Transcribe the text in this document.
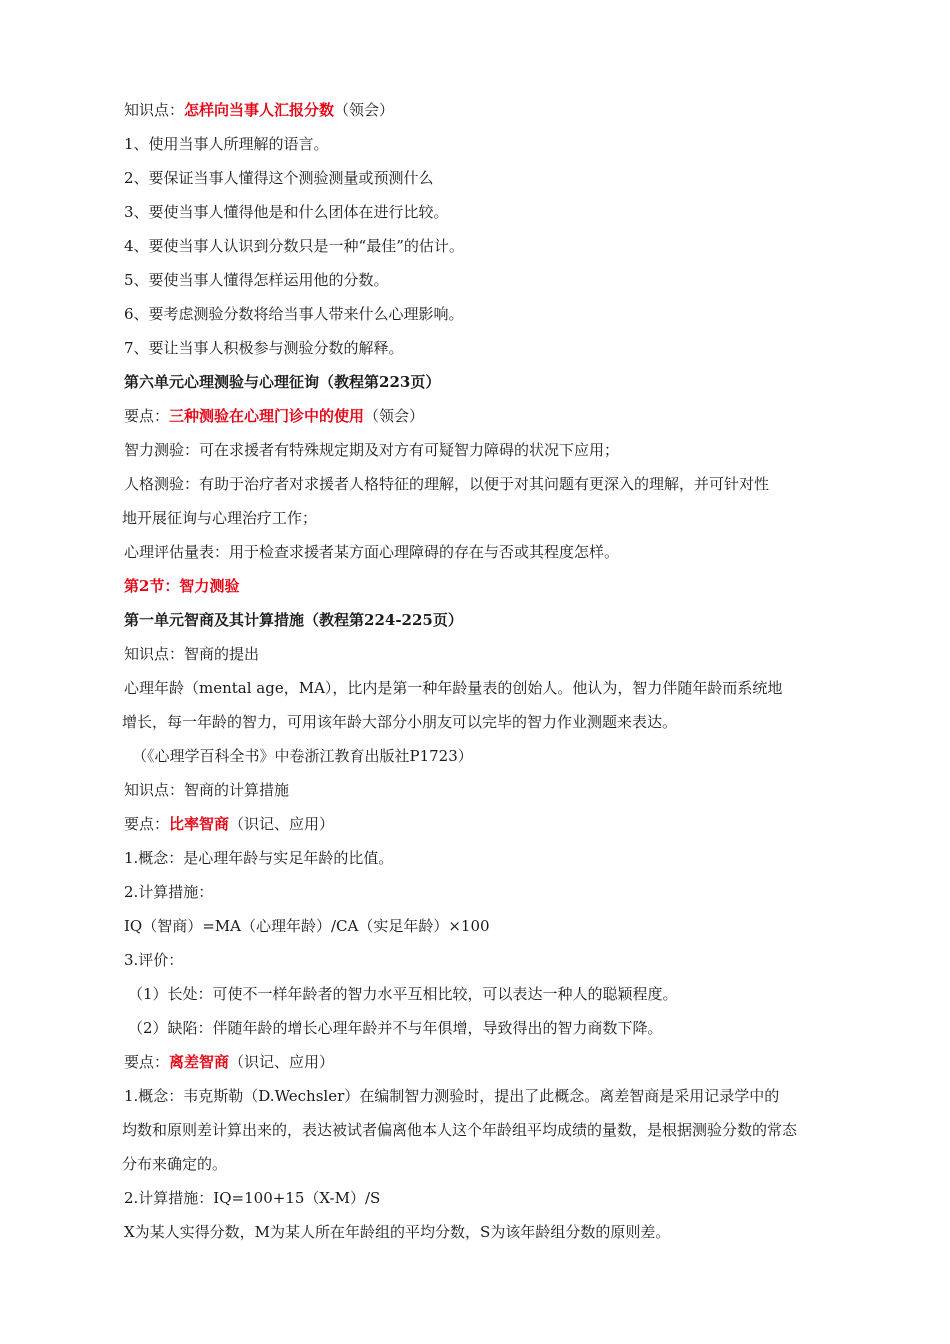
知识点：怎样向当事人汇报分数（领会）

1、使用当事人所理解的语言。

2、要保证当事人懂得这个测验测量或预测什么

3、要使当事人懂得他是和什么团体在进行比较。

4、要使当事人认识到分数只是一种“最佳”的估计。

5、要使当事人懂得怎样运用他的分数。

6、要考虑测验分数将给当事人带来什么心理影响。

7、要让当事人积极参与测验分数的解释。

第六单元心理测验与心理征询（教程第223页）

要点：三种测验在心理门诊中的使用（领会）

智力测验：可在求援者有特殊规定期及对方有可疑智力障碍的状况下应用；

人格测验：有助于治疗者对求援者人格特征的理解，以便于对其问题有更深入的理解，并可针对性

地开展征询与心理治疗工作；

心理评估量表：用于检查求援者某方面心理障碍的存在与否或其程度怎样。

第2节：智力测验

第一单元智商及其计算措施（教程第224-225页）

知识点：智商的提出

心理年龄（mental age，MA），比内是第一种年龄量表的创始人。他认为，智力伴随年龄而系统地

增长，每一年龄的智力，可用该年龄大部分小朋友可以完毕的智力作业测题来表达。

（《心理学百科全书》中卷浙江教育出版社P1723）

知识点：智商的计算措施

要点：比率智商（识记、应用）

1.概念：是心理年龄与实足年龄的比值。

2.计算措施：

IQ（智商）=MA（心理年龄）/CA（实足年龄）×100

3.评价：

（1）长处：可使不一样年龄者的智力水平互相比较，可以表达一种人的聪颖程度。

（2）缺陷：伴随年龄的增长心理年龄并不与年俱增，导致得出的智力商数下降。

要点：离差智商（识记、应用）

1.概念：韦克斯勒（D.Wechsler）在编制智力测验时，提出了此概念。离差智商是采用记录学中的

均数和原则差计算出来的，表达被试者偏离他本人这个年龄组平均成绩的量数，是根据测验分数的常态

分布来确定的。

2.计算措施：IQ=100+15（X-M）/S

X为某人实得分数，M为某人所在年龄组的平均分数，S为该年龄组分数的原则差。
